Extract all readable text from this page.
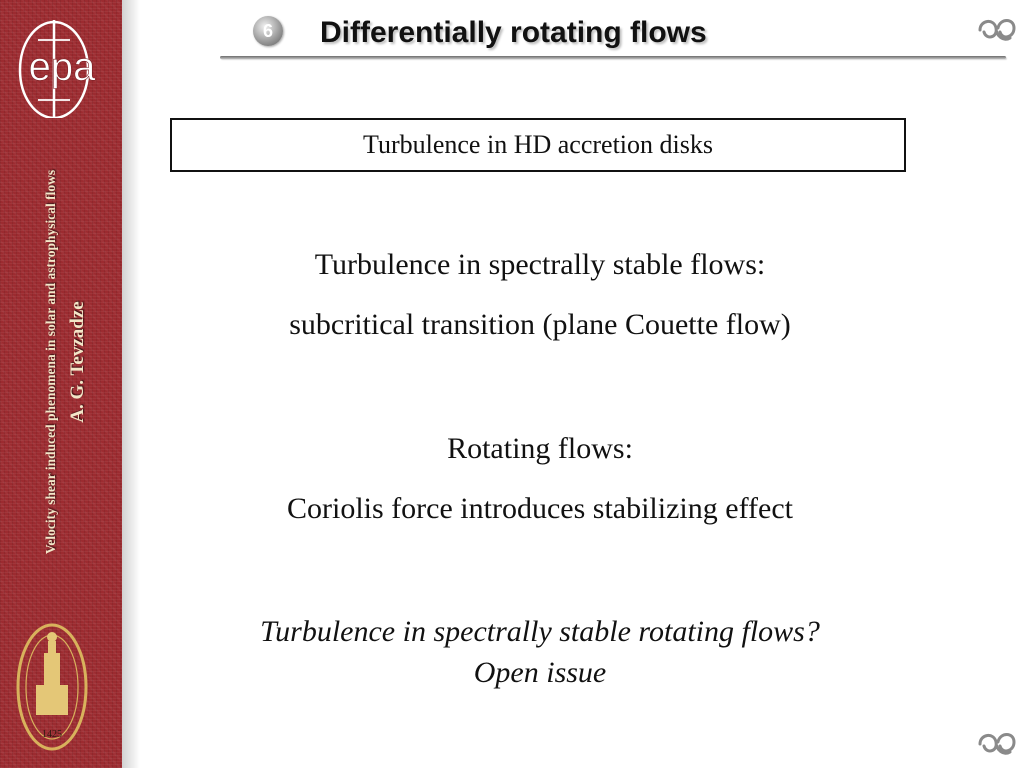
epa
Velocity shear induced phenomena in solar and astrophysical flows A. G. Tevzadze
1425
6	Differentially rotating flows
Turbulence in HD accretion disks
Turbulence in spectrally stable flows:
subcritical transition (plane Couette flow)
Rotating flows:
Coriolis force introduces stabilizing effect
Turbulence in spectrally stable rotating flows?
Open issue
